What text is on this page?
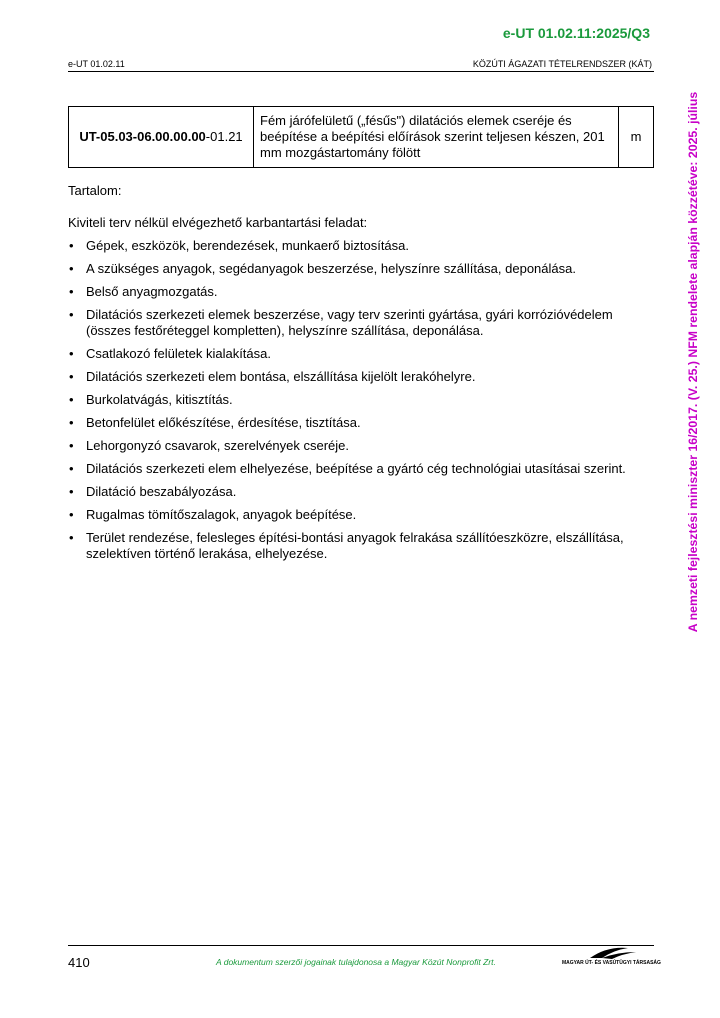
e-UT 01.02.11:2025/Q3
e-UT 01.02.11	KÖZÚTI ÁGAZATI TÉTELRENDSZER (KÁT)
A nemzeti fejlesztési miniszter 16/2017. (V. 25.) NFM rendelete alapján közzétéve: 2025. július
UT-05.03-06.00.00.00-01.21	Fém járófelületű („fésűs") dilatációs elemek cseréje és beépítése a beépítési előírások szerint teljesen készen, 201 mm mozgástartomány fölött	m

Tartalom:

Kiviteli terv nélkül elvégezhető karbantartási feladat:

• Gépek, eszközök, berendezések, munkaerő biztosítása.
• A szükséges anyagok, segédanyagok beszerzése, helyszínre szállítása, deponálása.
• Belső anyagmozgatás.
• Dilatációs szerkezeti elemek beszerzése, vagy terv szerinti gyártása, gyári korrózióvédelem (összes festőréteggel kompletten), helyszínre szállítása, deponálása.
• Csatlakozó felületek kialakítása.
• Dilatációs szerkezeti elem bontása, elszállítása kijelölt lerakóhelyre.
• Burkolatvágás, kitisztítás.
• Betonfelület előkészítése, érdesítése, tisztítása.
• Lehorgonyzó csavarok, szerelvények cseréje.
• Dilatációs szerkezeti elem elhelyezése, beépítése a gyártó cég technológiai utasításai szerint.
• Dilatáció beszabályozása.
• Rugalmas tömítőszalagok, anyagok beépítése.
• Terület rendezése, felesleges építési-bontási anyagok felrakása szállítóeszközre, elszállítása, szelektíven történő lerakása, elhelyezése.
410	A dokumentum szerzői jogainak tulajdonosa a Magyar Közút Nonprofit Zrt.	MAGYAR ÚT- ÉS VASÚTÜGYI TÁRSASÁG
